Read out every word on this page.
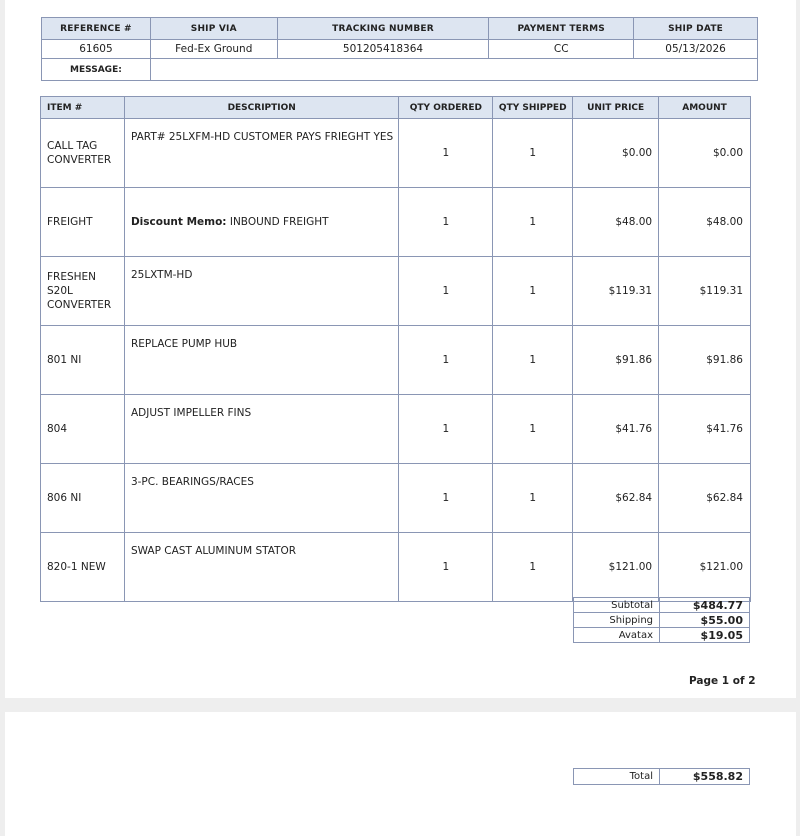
REFERENCE #	SHIP VIA	TRACKING NUMBER	PAYMENT TERMS	SHIP DATE
61605	Fed-Ex Ground	501205418364	CC	05/13/2026
MESSAGE:				
ITEM #	DESCRIPTION	QTY ORDERED	QTY SHIPPED	UNIT PRICE	AMOUNT
CALL TAG
CONVERTER	PART# 25LXFM-HD CUSTOMER PAYS FRIEGHT YES	1	1	$0.00	$0.00
FREIGHT	Discount Memo: INBOUND FREIGHT	1	1	$48.00	$48.00
FRESHEN
S20L
CONVERTER	25LXTM-HD	1	1	$119.31	$119.31
801 NI	REPLACE PUMP HUB	1	1	$91.86	$91.86
804	ADJUST IMPELLER FINS	1	1	$41.76	$41.76
806 NI	3-PC. BEARINGS/RACES	1	1	$62.84	$62.84
820-1 NEW	SWAP CAST ALUMINUM STATOR	1	1	$121.00	$121.00
Subtotal	$484.77
Shipping	$55.00
Avatax	$19.05
Page 1 of 2
Total	$558.82
